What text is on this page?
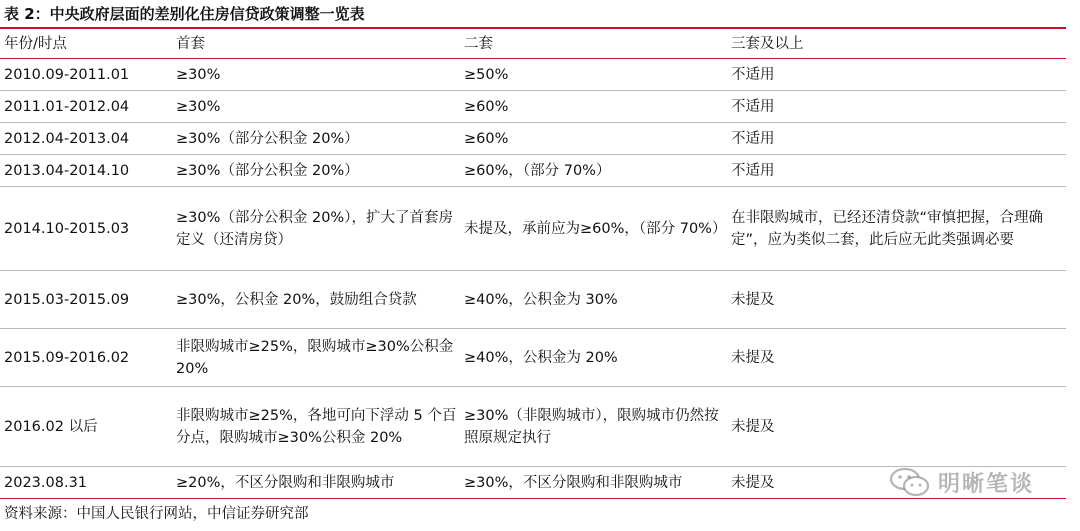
表 2：中央政府层面的差别化住房信贷政策调整一览表
年份/时点	首套	二套	三套及以上
2010.09-2011.01	≥30%	≥50%	不适用
2011.01-2012.04	≥30%	≥60%	不适用
2012.04-2013.04	≥30%（部分公积金 20%）	≥60%	不适用
2013.04-2014.10	≥30%（部分公积金 20%）	≥60%，（部分 70%）	不适用
2014.10-2015.03	≥30%（部分公积金 20%），扩大了首套房定义（还清房贷）	未提及，承前应为≥60%，（部分 70%）	在非限购城市，已经还清贷款“审慎把握，合理确定”，应为类似二套，此后应无此类强调必要
2015.03-2015.09	≥30%，公积金 20%，鼓励组合贷款	≥40%，公积金为 30%	未提及
2015.09-2016.02	非限购城市≥25%，限购城市≥30%公积金 20%	≥40%，公积金为 20%	未提及
2016.02 以后	非限购城市≥25%，各地可向下浮动 5 个百分点，限购城市≥30%公积金 20%	≥30%（非限购城市），限购城市仍然按照原规定执行	未提及
2023.08.31	≥20%，不区分限购和非限购城市	≥30%，不区分限购和非限购城市	未提及	明晰笔谈
资料来源：中国人民银行网站，中信证券研究部
